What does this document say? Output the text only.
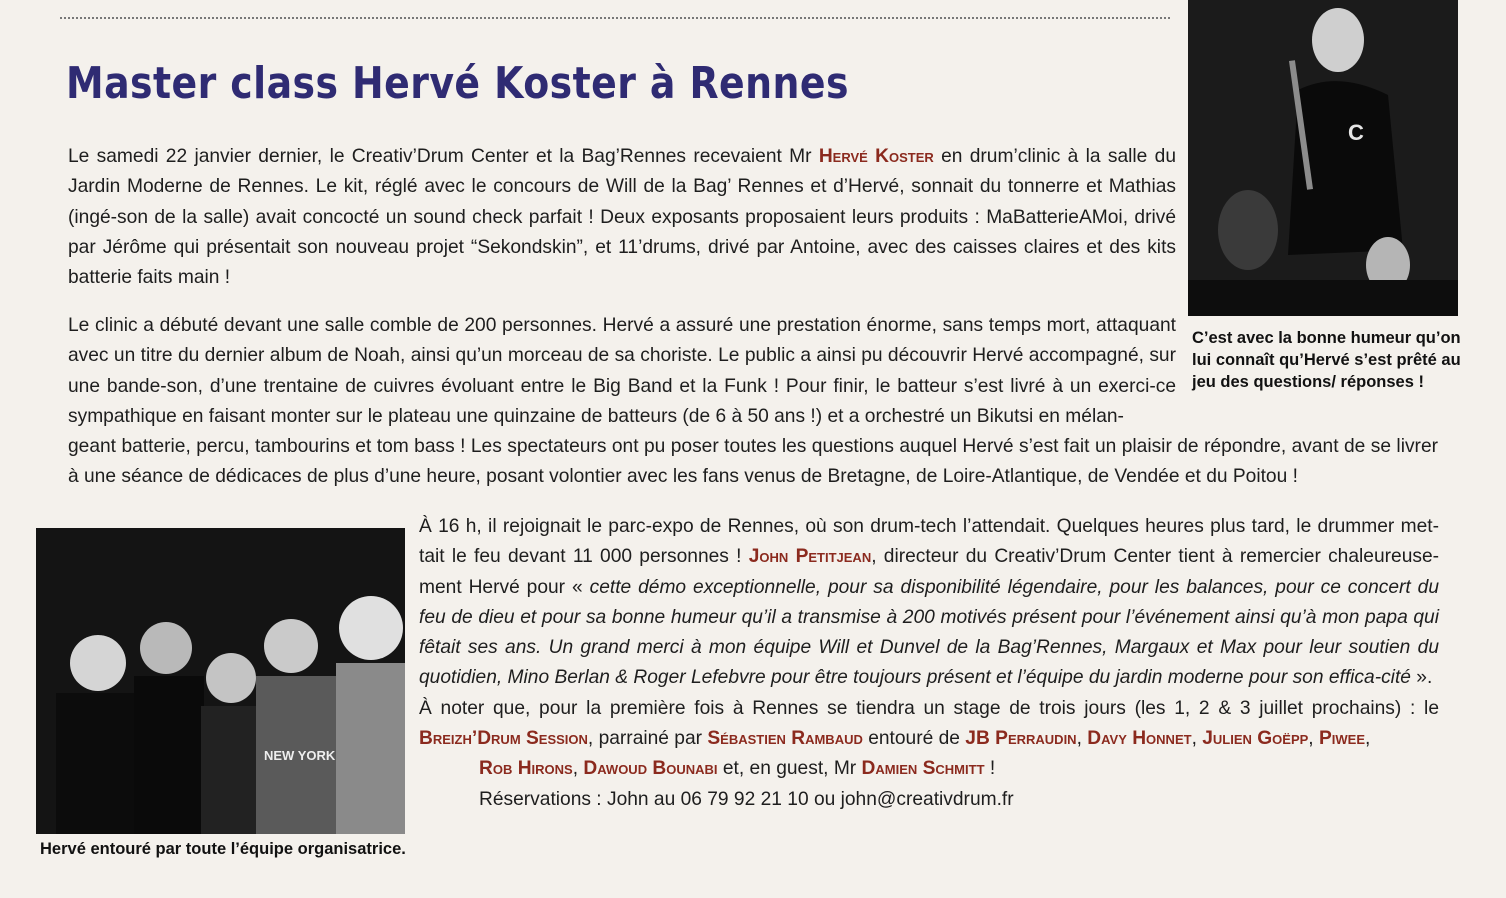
Master class Hervé Koster à Rennes

Le samedi 22 janvier dernier, le Creativ’Drum Center et la Bag’Rennes recevaient Mr Hervé Koster en drum’clinic à la salle du Jardin Moderne de Rennes. Le kit, réglé avec le concours de Will de la Bag’ Rennes et d’Hervé, sonnait du tonnerre et Mathias (ingé-son de la salle) avait concocté un sound check parfait ! Deux exposants proposaient leurs produits : MaBatterieAMoi, drivé par Jérôme qui présentait son nouveau projet “Sekondskin”, et 11’drums, drivé par Antoine, avec des caisses claires et des kits batterie faits main !

Le clinic a débuté devant une salle comble de 200 personnes. Hervé a assuré une prestation énorme, sans temps mort, attaquant avec un titre du dernier album de Noah, ainsi qu’un morceau de sa choriste. Le public a ainsi pu découvrir Hervé accompagné, sur une bande-son, d’une trentaine de cuivres évoluant entre le Big Band et la Funk ! Pour finir, le batteur s’est livré à un exerci-ce sympathique en faisant monter sur le plateau une quinzaine de batteurs (de 6 à 50 ans !) et a orchestré un Bikutsi en mélan-

geant batterie, percu, tambourins et tom bass ! Les spectateurs ont pu poser toutes les questions auquel Hervé s’est fait un plaisir de répondre, avant de se livrer à une séance de dédicaces de plus d’une heure, posant volontier avec les fans venus de Bretagne, de Loire-Atlantique, de Vendée et du Poitou !

À 16 h, il rejoignait le parc-expo de Rennes, où son drum-tech l’attendait. Quelques heures plus tard, le drummer met-tait le feu devant 11 000 personnes ! John Petitjean, directeur du Creativ’Drum Center tient à remercier chaleureuse-ment Hervé pour « cette démo exceptionnelle, pour sa disponibilité légendaire, pour les balances, pour ce concert du feu de dieu et pour sa bonne humeur qu’il a transmise à 200 motivés présent pour l’événement ainsi qu’à mon papa qui fêtait ses ans. Un grand merci à mon équipe Will et Dunvel de la Bag’Rennes, Margaux et Max pour leur soutien du quotidien, Mino Berlan & Roger Lefebvre pour être toujours présent et l’équipe du jardin moderne pour son effica-cité ».

À noter que, pour la première fois à Rennes se tiendra un stage de trois jours (les 1, 2 & 3 juillet prochains) : le Breizh’Drum Session, parrainé par Sébastien Rambaud entouré de JB Perraudin, Davy Honnet, Julien Goëpp, Piwee,

Rob Hirons, Dawoud Bounabi et, en guest, Mr Damien Schmitt !

Réservations : John au 06 79 92 21 10 ou john@creativdrum.fr

C
C’est avec la bonne humeur qu’on lui connaît qu’Hervé s’est prêté au jeu des questions/ réponses !
NEW YORK
Hervé entouré par toute l’équipe organisatrice.
